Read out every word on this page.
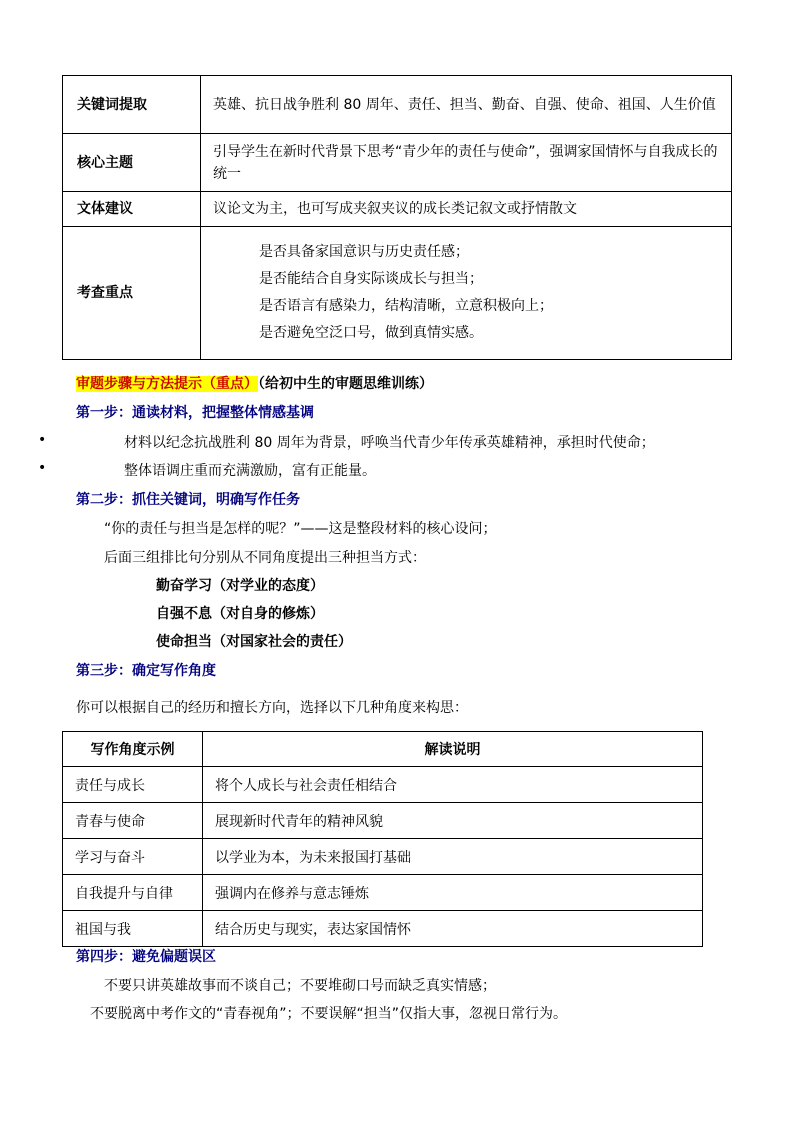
关键词提取	英雄、抗日战争胜利 80 周年、责任、担当、勤奋、自强、使命、祖国、人生价值
核心主题	引导学生在新时代背景下思考“青少年的责任与使命”，强调家国情怀与自我成长的统一
文体建议	议论文为主，也可写成夹叙夹议的成长类记叙文或抒情散文
考查重点	是否具备家国意识与历史责任感；
是否能结合自身实际谈成长与担当；
是否语言有感染力，结构清晰，立意积极向上；
是否避免空泛口号，做到真情实感。
审题步骤与方法提示（重点）（给初中生的审题思维训练）
第一步：通读材料，把握整体情感基调
•	材料以纪念抗战胜利 80 周年为背景，呼唤当代青少年传承英雄精神，承担时代使命；
•	整体语调庄重而充满激励，富有正能量。
第二步：抓住关键词，明确写作任务
“你的责任与担当是怎样的呢？”——这是整段材料的核心设问；
后面三组排比句分别从不同角度提出三种担当方式：
勤奋学习（对学业的态度）
自强不息（对自身的修炼）
使命担当（对国家社会的责任）
第三步：确定写作角度
你可以根据自己的经历和擅长方向，选择以下几种角度来构思：
写作角度示例	解读说明
责任与成长	将个人成长与社会责任相结合
青春与使命	展现新时代青年的精神风貌
学习与奋斗	以学业为本，为未来报国打基础
自我提升与自律	强调内在修养与意志锤炼
祖国与我	结合历史与现实，表达家国情怀
第四步：避免偏题误区
不要只讲英雄故事而不谈自己；不要堆砌口号而缺乏真实情感；
不要脱离中考作文的“青春视角”；不要误解“担当”仅指大事，忽视日常行为。
